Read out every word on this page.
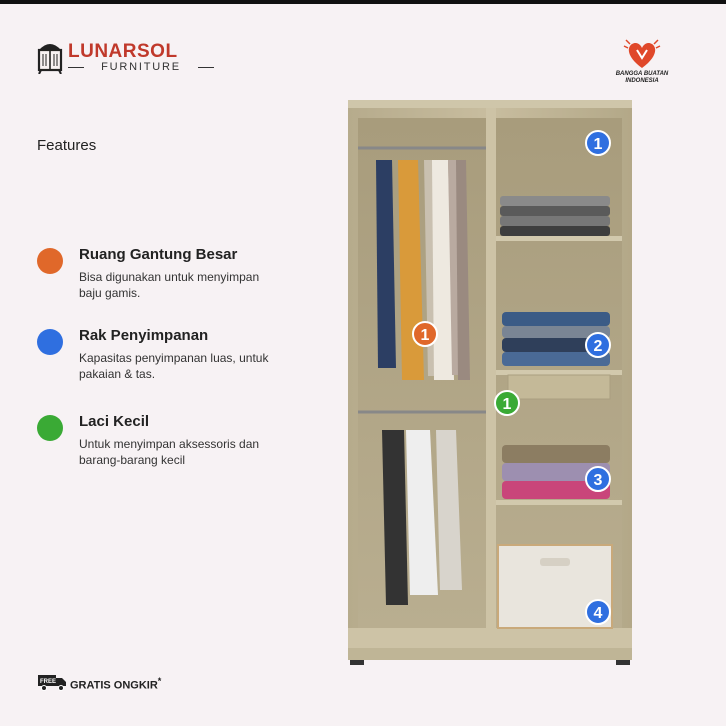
LUNARSOL
FURNITURE
BANGGA BUATAN
INDONESIA
Features
Ruang Gantung Besar
Bisa digunakan untuk menyimpan baju gamis.
Rak Penyimpanan
Kapasitas penyimpanan luas, untuk pakaian & tas.
Laci Kecil
Untuk menyimpan aksessoris dan barang-barang kecil
1
1
2
1
3
4
FREE GRATIS ONGKIR*
